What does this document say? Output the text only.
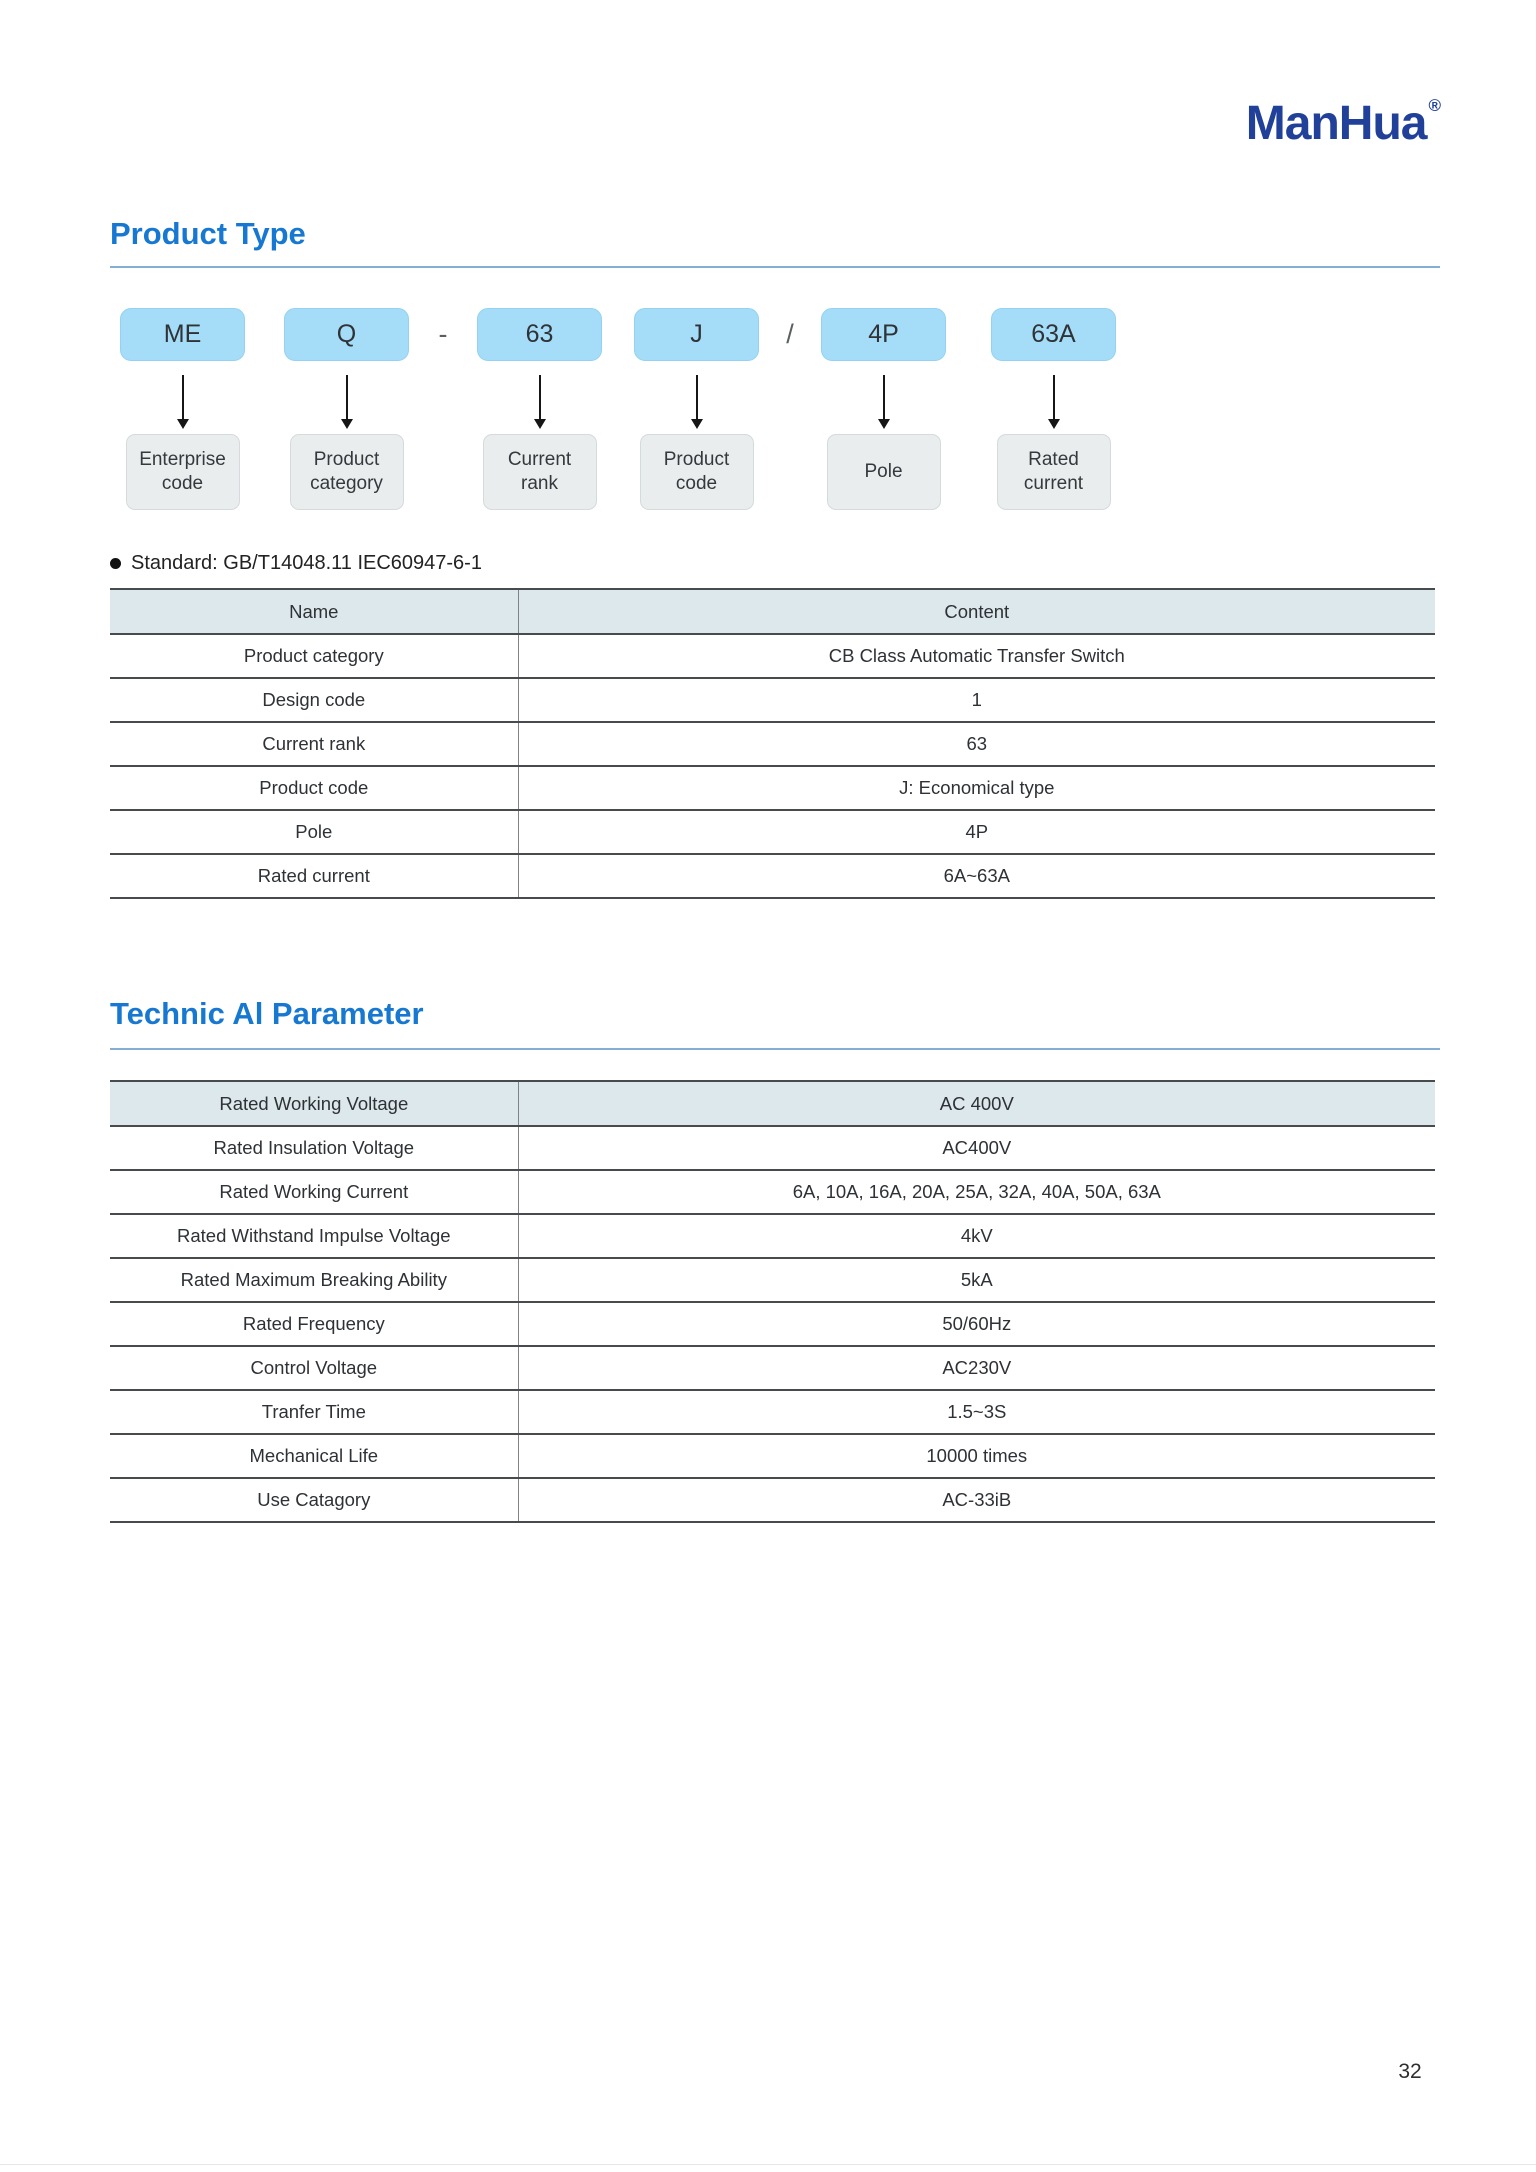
ManHua ®
Product Type
ME
Enterprise code
Q
Product category
-	63
Current rank
J
Product code
/	4P
Pole
63A
Rated current
Standard: GB/T14048.11 IEC60947-6-1
Name	Content
Product category	CB Class Automatic Transfer Switch
Design code	1
Current rank	63
Product code	J: Economical type
Pole	4P
Rated current	6A~63A
Technic Al Parameter
Rated Working Voltage	AC 400V
Rated Insulation Voltage	AC400V
Rated Working Current	6A, 10A, 16A, 20A, 25A, 32A, 40A, 50A, 63A
Rated Withstand Impulse Voltage	4kV
Rated Maximum Breaking Ability	5kA
Rated Frequency	50/60Hz
Control Voltage	AC230V
Tranfer Time	1.5~3S
Mechanical Life	10000 times
Use Catagory	AC-33iB
32
